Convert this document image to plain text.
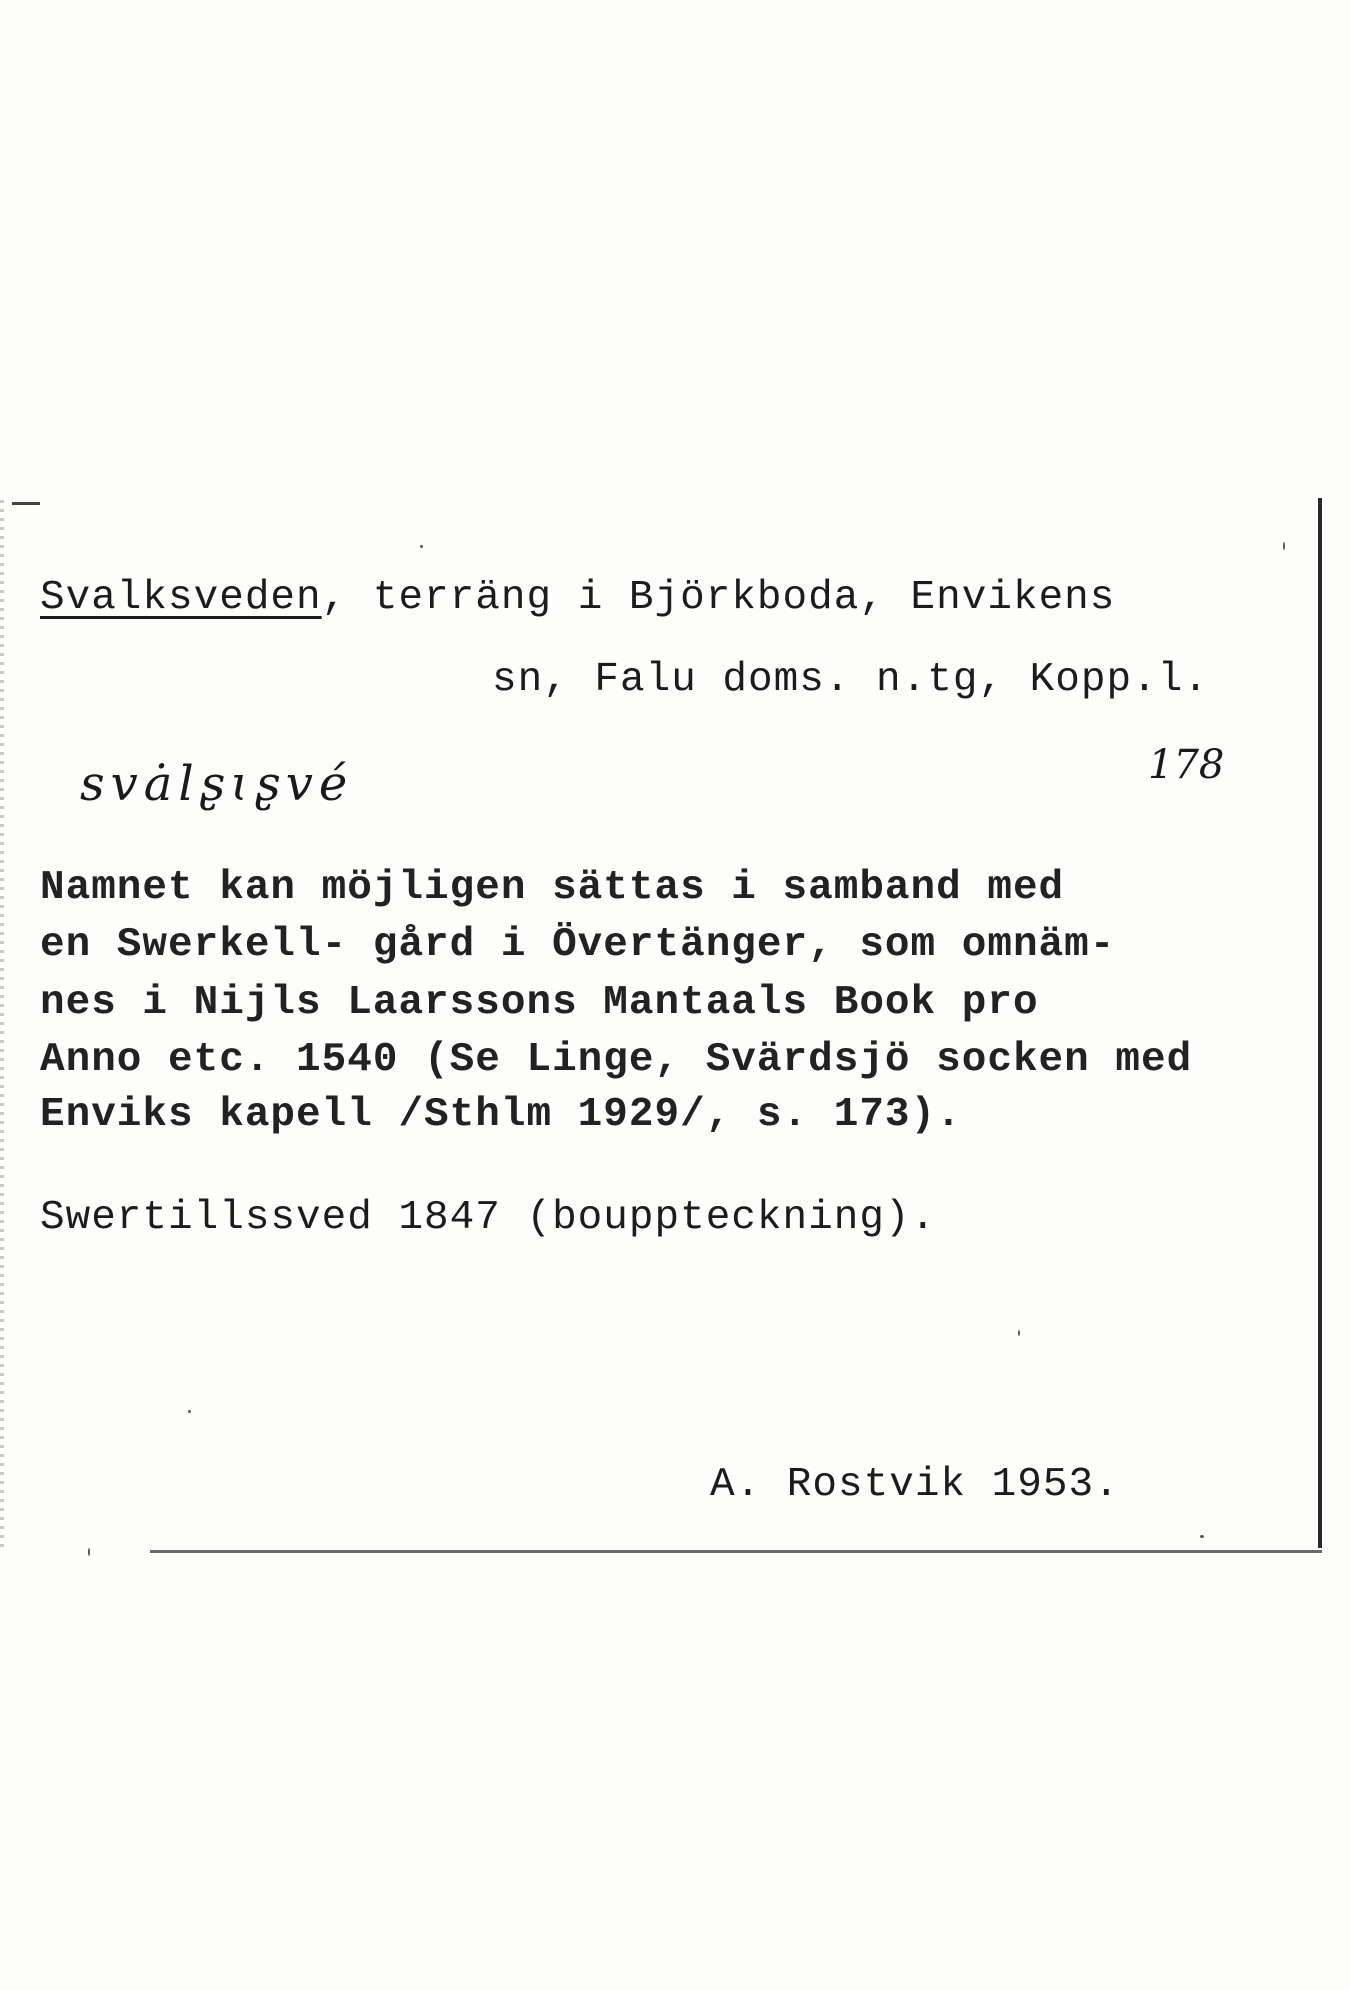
Svalksveden, terräng i Björkboda, Envikens
sn, Falu doms. n.tg, Kopp.l.
svȧlʂɩʂvé	178
Namnet kan möjligen sättas i samband med
en Swerkell- gård i Övertänger, som omnäm-
nes i Nijls Laarssons Mantaals Book pro
Anno etc. 1540 (Se Linge, Svärdsjö socken med
Enviks kapell /Sthlm 1929/, s. 173).
Swertillssved 1847 (bouppteckning).
A. Rostvik 1953.
